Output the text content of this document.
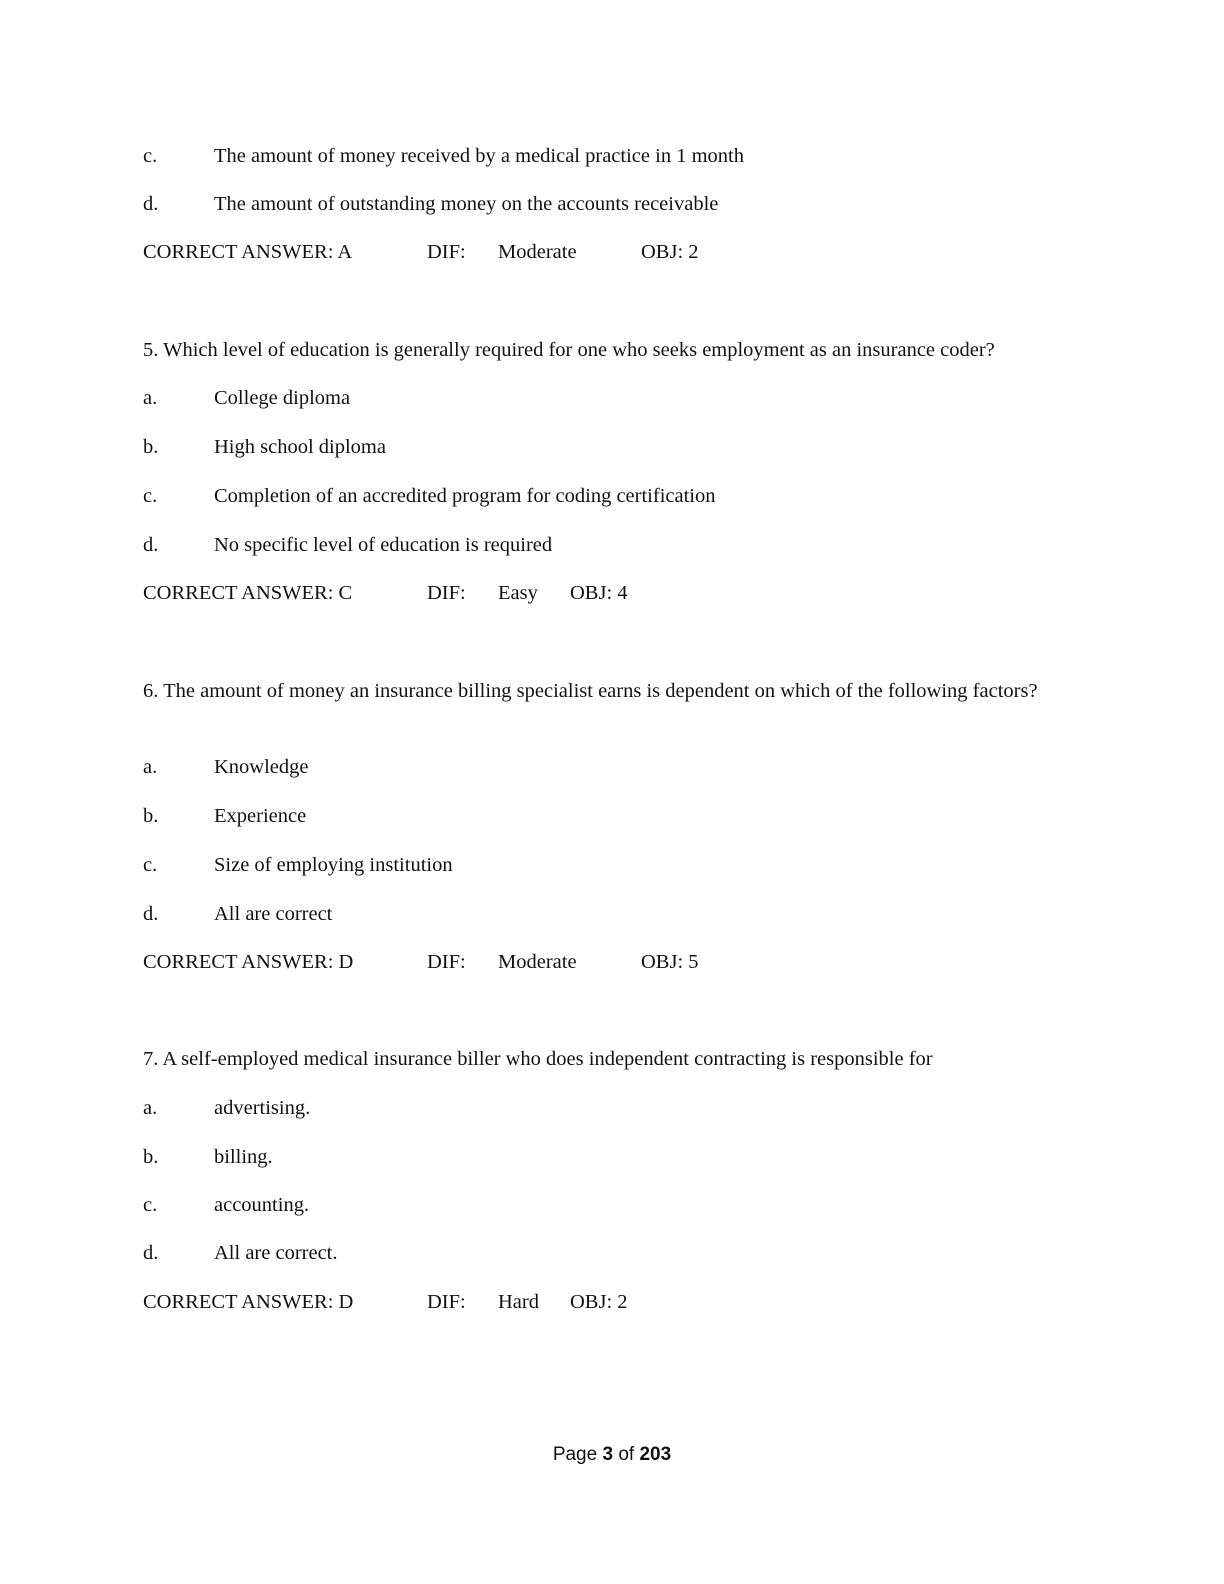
c.	The amount of money received by a medical practice in 1 month
d.	The amount of outstanding money on the accounts receivable
CORRECT ANSWER: A	DIF: Moderate	OBJ: 2
5. Which level of education is generally required for one who seeks employment as an insurance coder?
a.	College diploma
b.	High school diploma
c.	Completion of an accredited program for coding certification
d.	No specific level of education is required
CORRECT ANSWER: C	DIF: Easy OBJ: 4
6. The amount of money an insurance billing specialist earns is dependent on which of the following factors?
a.	Knowledge
b.	Experience
c.	Size of employing institution
d.	All are correct
CORRECT ANSWER: D	DIF: Moderate	OBJ: 5
7. A self-employed medical insurance biller who does independent contracting is responsible for
a.	advertising.
b.	billing.
c.	accounting.
d.	All are correct.
CORRECT ANSWER: D	DIF: Hard OBJ: 2
Page 3 of 203
